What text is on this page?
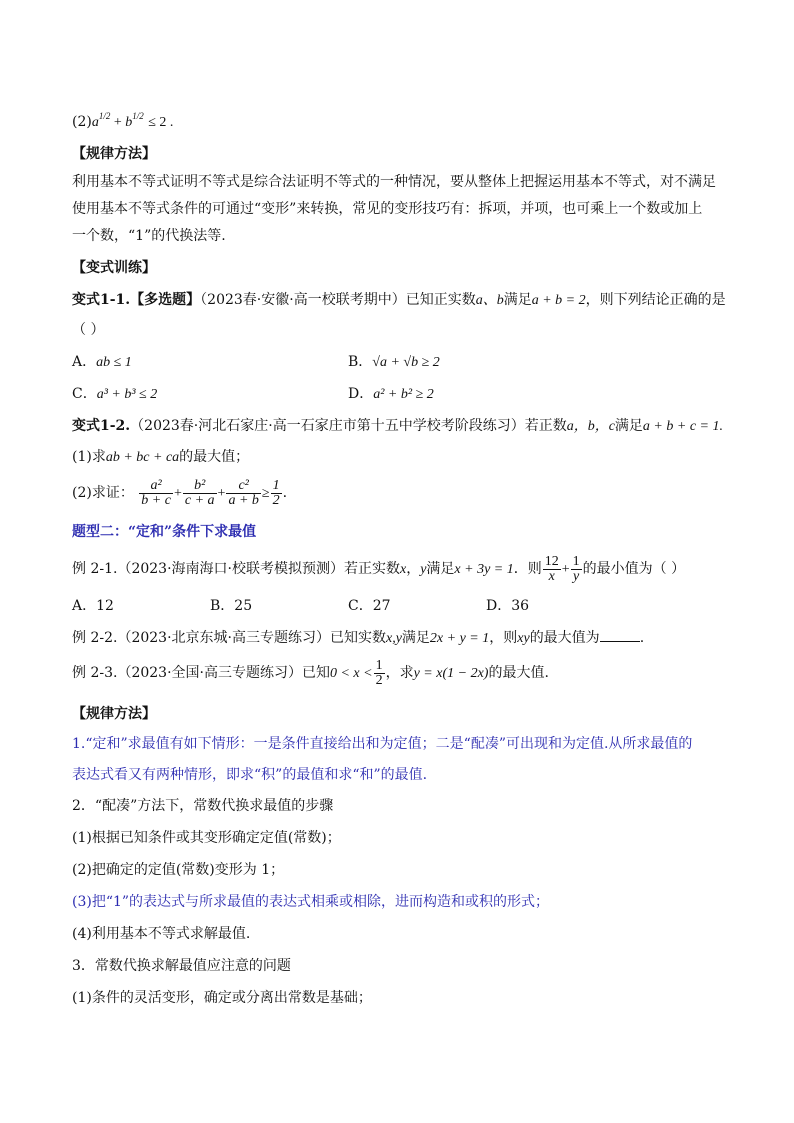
$(2)a^{1/2} + b^{1/2} \le 2$ .
【规律方法】
利用基本不等式证明不等式是综合法证明不等式的一种情况，要从整体上把握运用基本不等式，对不满足
使用基本不等式条件的可通过“变形”来转换，常见的变形技巧有：拆项，并项，也可乘上一个数或加上
一个数，“1”的代换法等.
【变式训练】
变式1-1.【多选题】（2023春·安徽·高一校联考期中）已知正实数a、b满足a + b = 2，则下列结论正确的是
（ ）
A．ab ≤ 1	B．√a + √b ≥ 2
C．a³ + b³ ≤ 2	D．a² + b² ≥ 2
变式1-2.（2023春·河北石家庄·高一石家庄市第十五中学校考阶段练习）若正数a，b，c满足a + b + c = 1.
(1)求ab + bc + ca的最大值；
(2)求证： $\frac{\text{a²}}{b + c} + \frac{\text{b²}}{c + a} + \frac{\text{c²}}{a + b} \ge \frac{1}{2}$ .
题型二：“定和”条件下求最值
例 2-1.（2023·海南海口·校联考模拟预测）若正实数x，y满足x + 3y = 1．则 $\frac{12}{x} + \frac{1}{y}$ 的最小值为（ ）
A．12	B．25	C．27	D．36
例 2-2.（2023·北京东城·高三专题练习）已知实数x,y满足2x + y = 1，则xy的最大值为	.
例 2-3.（2023·全国·高三专题练习）已知$0 < x < \frac{1}{2}$ ，求y = x(1 − 2x)的最大值.
【规律方法】
1.“定和”求最值有如下情形：一是条件直接给出和为定值；二是“配凑”可出现和为定值.从所求最值的
表达式看又有两种情形，即求“积”的最值和求“和”的最值.
2．“配凑”方法下，常数代换求最值的步骤
(1)根据已知条件或其变形确定定值(常数)；
(2)把确定的定值(常数)变形为 1；
(3)把“1”的表达式与所求最值的表达式相乘或相除，进而构造和或积的形式；
(4)利用基本不等式求解最值.
3．常数代换求解最值应注意的问题
(1)条件的灵活变形，确定或分离出常数是基础；
